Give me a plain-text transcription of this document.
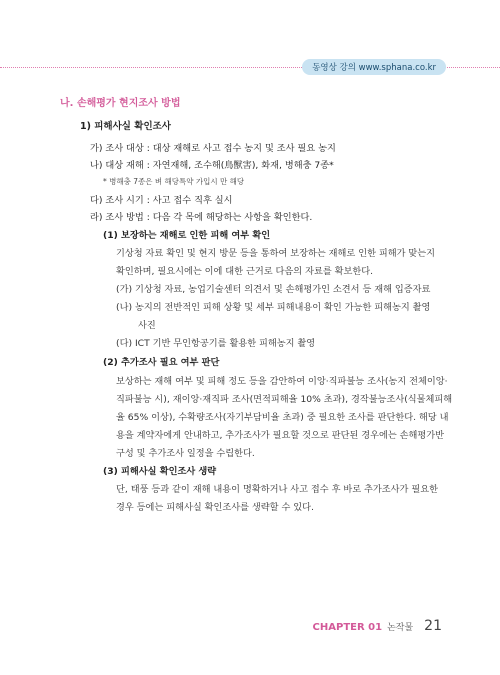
동영상 강의 www.sphana.co.kr
나. 손해평가 현지조사 방법
1) 피해사실 확인조사
가) 조사 대상 : 대상 재해로 사고 접수 농지 및 조사 필요 농지
나) 대상 재해 : 자연재해, 조수해(鳥獸害), 화재, 병해충 7종*
* 병해충 7종은 벼 해당특약 가입시 만 해당
다) 조사 시기 : 사고 접수 직후 실시
라) 조사 방법 : 다음 각 목에 해당하는 사항을 확인한다.
(1) 보장하는 재해로 인한 피해 여부 확인
기상청 자료 확인 및 현지 방문 등을 통하여 보장하는 재해로 인한 피해가 맞는지
확인하며, 필요시에는 이에 대한 근거로 다음의 자료를 확보한다.
(가) 기상청 자료, 농업기술센터 의견서 및 손해평가인 소견서 등 재해 입증자료
(나) 농지의 전반적인 피해 상황 및 세부 피해내용이 확인 가능한 피해농지 촬영
사진
(다) ICT 기반 무인항공기를 활용한 피해농지 촬영
(2) 추가조사 필요 여부 판단
보상하는 재해 여부 및 피해 정도 등을 감안하여 이앙·직파불능 조사(농지 전체이앙·
직파불능 시), 재이앙·재직파 조사(면적피해율 10% 초과), 경작불능조사(식물체피해
율 65% 이상), 수확량조사(자기부담비율 초과) 중 필요한 조사를 판단한다. 해당 내
용을 계약자에게 안내하고, 추가조사가 필요할 것으로 판단된 경우에는 손해평가반
구성 및 추가조사 일정을 수립한다.
(3) 피해사실 확인조사 생략
단, 태풍 등과 같이 재해 내용이 명확하거나 사고 접수 후 바로 추가조사가 필요한
경우 등에는 피해사실 확인조사를 생략할 수 있다.
CHAPTER 01 논작물 21
